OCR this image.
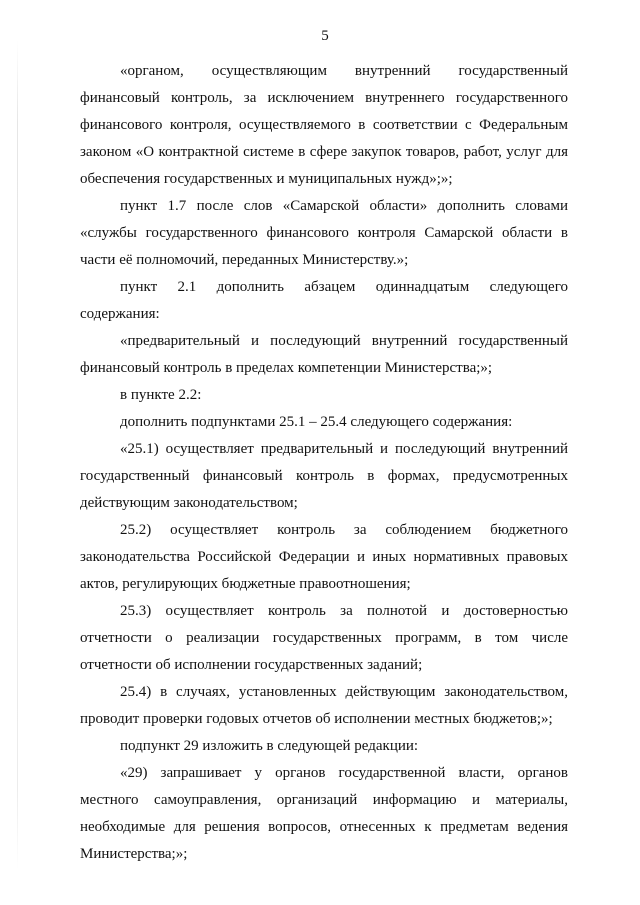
5

«органом, осуществляющим внутренний государственный финансовый контроль, за исключением внутреннего государственного финансового контроля, осуществляемого в соответствии с Федеральным законом «О контрактной системе в сфере закупок товаров, работ, услуг для обеспечения государственных и муниципальных нужд»;»;

пункт 1.7 после слов «Самарской области» дополнить словами «службы государственного финансового контроля Самарской области в части её полномочий, переданных Министерству.»;

пункт 2.1 дополнить абзацем одиннадцатым следующего содержания:

«предварительный и последующий внутренний государственный финансовый контроль в пределах компетенции Министерства;»;

в пункте 2.2:

дополнить подпунктами 25.1 – 25.4 следующего содержания:

«25.1) осуществляет предварительный и последующий внутренний государственный финансовый контроль в формах, предусмотренных действующим законодательством;

25.2) осуществляет контроль за соблюдением бюджетного законодательства Российской Федерации и иных нормативных правовых актов, регулирующих бюджетные правоотношения;

25.3) осуществляет контроль за полнотой и достоверностью отчетности о реализации государственных программ, в том числе отчетности об исполнении государственных заданий;

25.4) в случаях, установленных действующим законодательством, проводит проверки годовых отчетов об исполнении местных бюджетов;»;

подпункт 29 изложить в следующей редакции:

«29) запрашивает у органов государственной власти, органов местного самоуправления, организаций информацию и материалы, необходимые для решения вопросов, отнесенных к предметам ведения Министерства;»;
